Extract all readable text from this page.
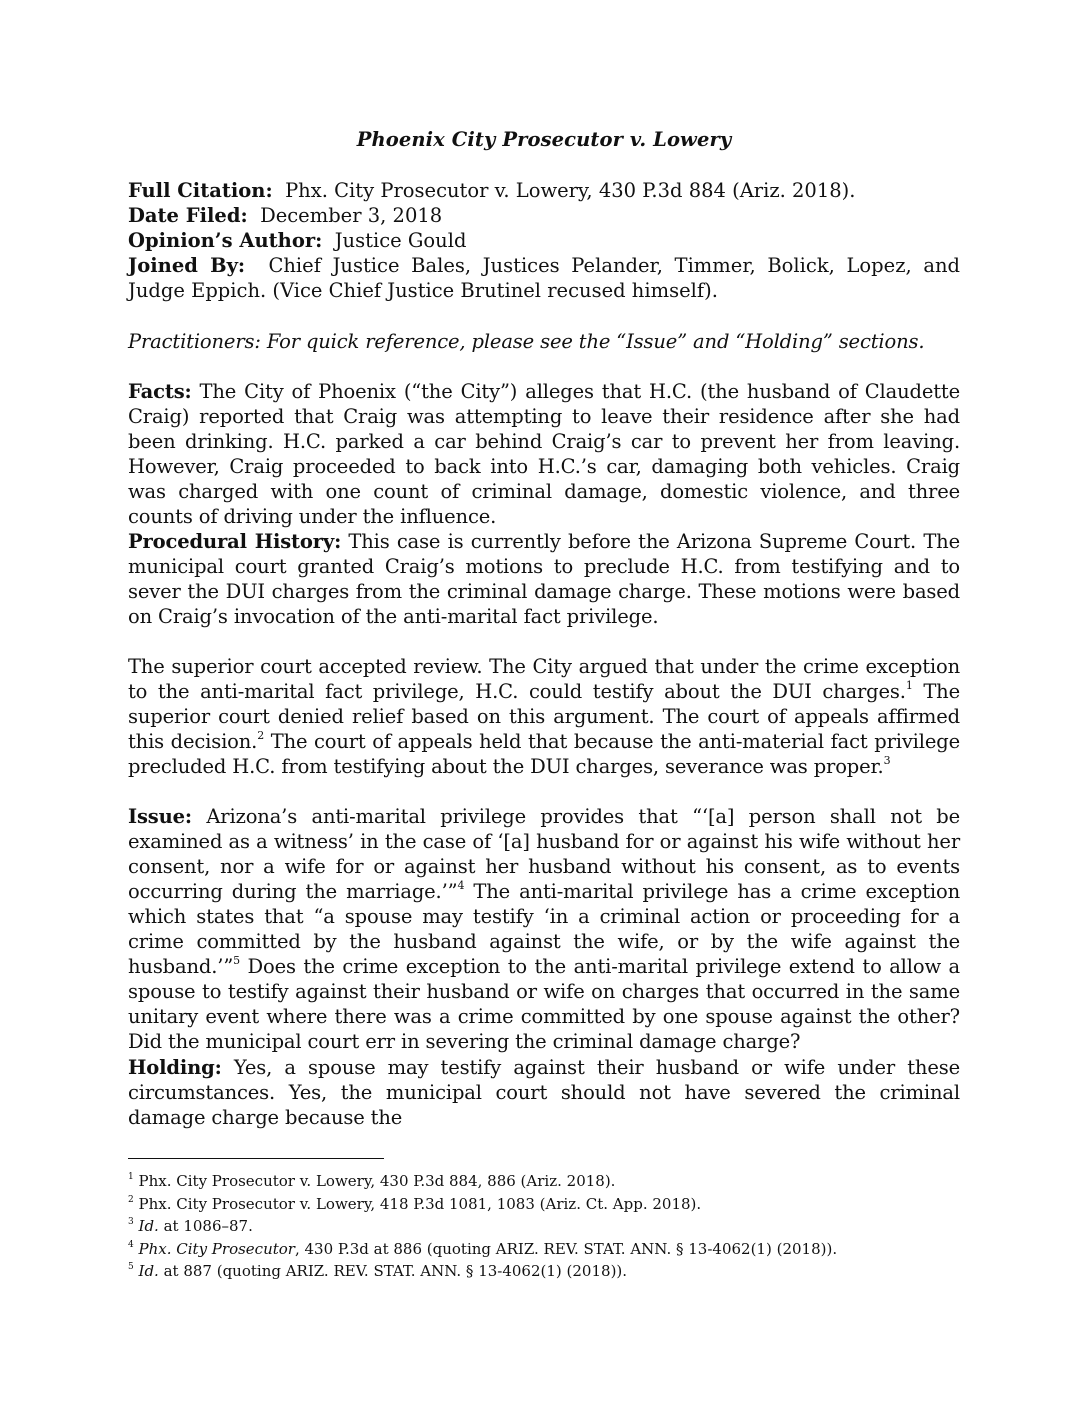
Phoenix City Prosecutor v. Lowery
Full Citation: Phx. City Prosecutor v. Lowery, 430 P.3d 884 (Ariz. 2018).
Date Filed: December 3, 2018
Opinion’s Author: Justice Gould
Joined By: Chief Justice Bales, Justices Pelander, Timmer, Bolick, Lopez, and Judge Eppich. (Vice Chief Justice Brutinel recused himself).
Practitioners: For quick reference, please see the “Issue” and “Holding” sections.
Facts: The City of Phoenix (“the City”) alleges that H.C. (the husband of Claudette Craig) reported that Craig was attempting to leave their residence after she had been drinking. H.C. parked a car behind Craig’s car to prevent her from leaving. However, Craig proceeded to back into H.C.’s car, damaging both vehicles. Craig was charged with one count of criminal damage, domestic violence, and three counts of driving under the influence.
Procedural History: This case is currently before the Arizona Supreme Court. The municipal court granted Craig’s motions to preclude H.C. from testifying and to sever the DUI charges from the criminal damage charge. These motions were based on Craig’s invocation of the anti-marital fact privilege.
The superior court accepted review. The City argued that under the crime exception to the anti-marital fact privilege, H.C. could testify about the DUI charges.$^1$ The superior court denied relief based on this argument. The court of appeals affirmed this decision.$^2$ The court of appeals held that because the anti-material fact privilege precluded H.C. from testifying about the DUI charges, severance was proper.$^3$
Issue: Arizona’s anti-marital privilege provides that “‘[a] person shall not be examined as a witness’ in the case of ‘[a] husband for or against his wife without her consent, nor a wife for or against her husband without his consent, as to events occurring during the marriage.’”$^4$ The anti-marital privilege has a crime exception which states that “a spouse may testify ‘in a criminal action or proceeding for a crime committed by the husband against the wife, or by the wife against the husband.’”$^5$ Does the crime exception to the anti-marital privilege extend to allow a spouse to testify against their husband or wife on charges that occurred in the same unitary event where there was a crime committed by one spouse against the other? Did the municipal court err in severing the criminal damage charge?
Holding: Yes, a spouse may testify against their husband or wife under these circumstances. Yes, the municipal court should not have severed the criminal damage charge because the
$^1$ Phx. City Prosecutor v. Lowery, 430 P.3d 884, 886 (Ariz. 2018).
$^2$ Phx. City Prosecutor v. Lowery, 418 P.3d 1081, 1083 (Ariz. Ct. App. 2018).
$^3$ Id. at 1086–87.
$^4$ Phx. City Prosecutor, 430 P.3d at 886 (quoting ARIZ. REV. STAT. ANN. § 13-4062(1) (2018)).
$^5$ Id. at 887 (quoting ARIZ. REV. STAT. ANN. § 13-4062(1) (2018)).
